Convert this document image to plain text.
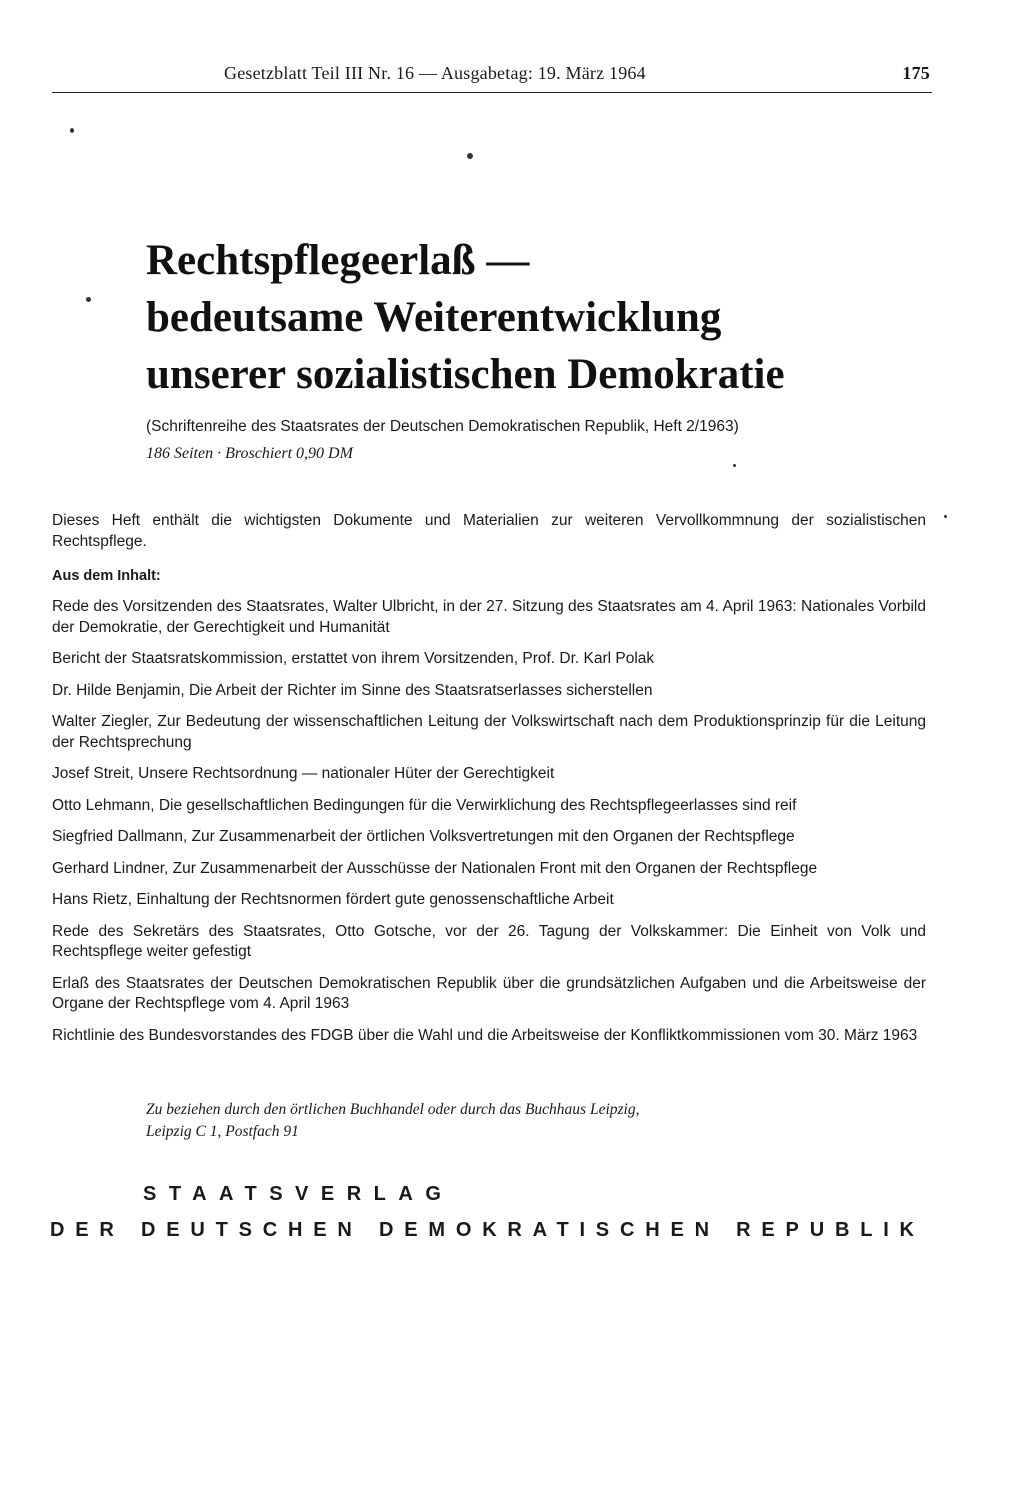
Gesetzblatt Teil III Nr. 16 — Ausgabetag: 19. März 1964	175
Rechtspflegeerlaß —
bedeutsame Weiterentwicklung
unserer sozialistischen Demokratie
(Schriftenreihe des Staatsrates der Deutschen Demokratischen Republik, Heft 2/1963)
186 Seiten · Broschiert 0,90 DM
Dieses Heft enthält die wichtigsten Dokumente und Materialien zur weiteren Vervollkommnung der sozialistischen Rechtspflege.
Aus dem Inhalt:
Rede des Vorsitzenden des Staatsrates, Walter Ulbricht, in der 27. Sitzung des Staatsrates am 4. April 1963: Nationales Vorbild der Demokratie, der Gerechtigkeit und Humanität
Bericht der Staatsratskommission, erstattet von ihrem Vorsitzenden, Prof. Dr. Karl Polak
Dr. Hilde Benjamin, Die Arbeit der Richter im Sinne des Staatsratserlasses sicherstellen
Walter Ziegler, Zur Bedeutung der wissenschaftlichen Leitung der Volkswirtschaft nach dem Produktionsprinzip für die Leitung der Rechtsprechung
Josef Streit, Unsere Rechtsordnung — nationaler Hüter der Gerechtigkeit
Otto Lehmann, Die gesellschaftlichen Bedingungen für die Verwirklichung des Rechtspflegeerlasses sind reif
Siegfried Dallmann, Zur Zusammenarbeit der örtlichen Volksvertretungen mit den Organen der Rechtspflege
Gerhard Lindner, Zur Zusammenarbeit der Ausschüsse der Nationalen Front mit den Organen der Rechtspflege
Hans Rietz, Einhaltung der Rechtsnormen fördert gute genossenschaftliche Arbeit
Rede des Sekretärs des Staatsrates, Otto Gotsche, vor der 26. Tagung der Volkskammer: Die Einheit von Volk und Rechtspflege weiter gefestigt
Erlaß des Staatsrates der Deutschen Demokratischen Republik über die grundsätzlichen Aufgaben und die Arbeitsweise der Organe der Rechtspflege vom 4. April 1963
Richtlinie des Bundesvorstandes des FDGB über die Wahl und die Arbeitsweise der Konfliktkommissionen vom 30. März 1963
Zu beziehen durch den örtlichen Buchhandel oder durch das Buchhaus Leipzig,
Leipzig C 1, Postfach 91
STAATSVERLAG
DER DEUTSCHEN DEMOKRATISCHEN REPUBLIK
